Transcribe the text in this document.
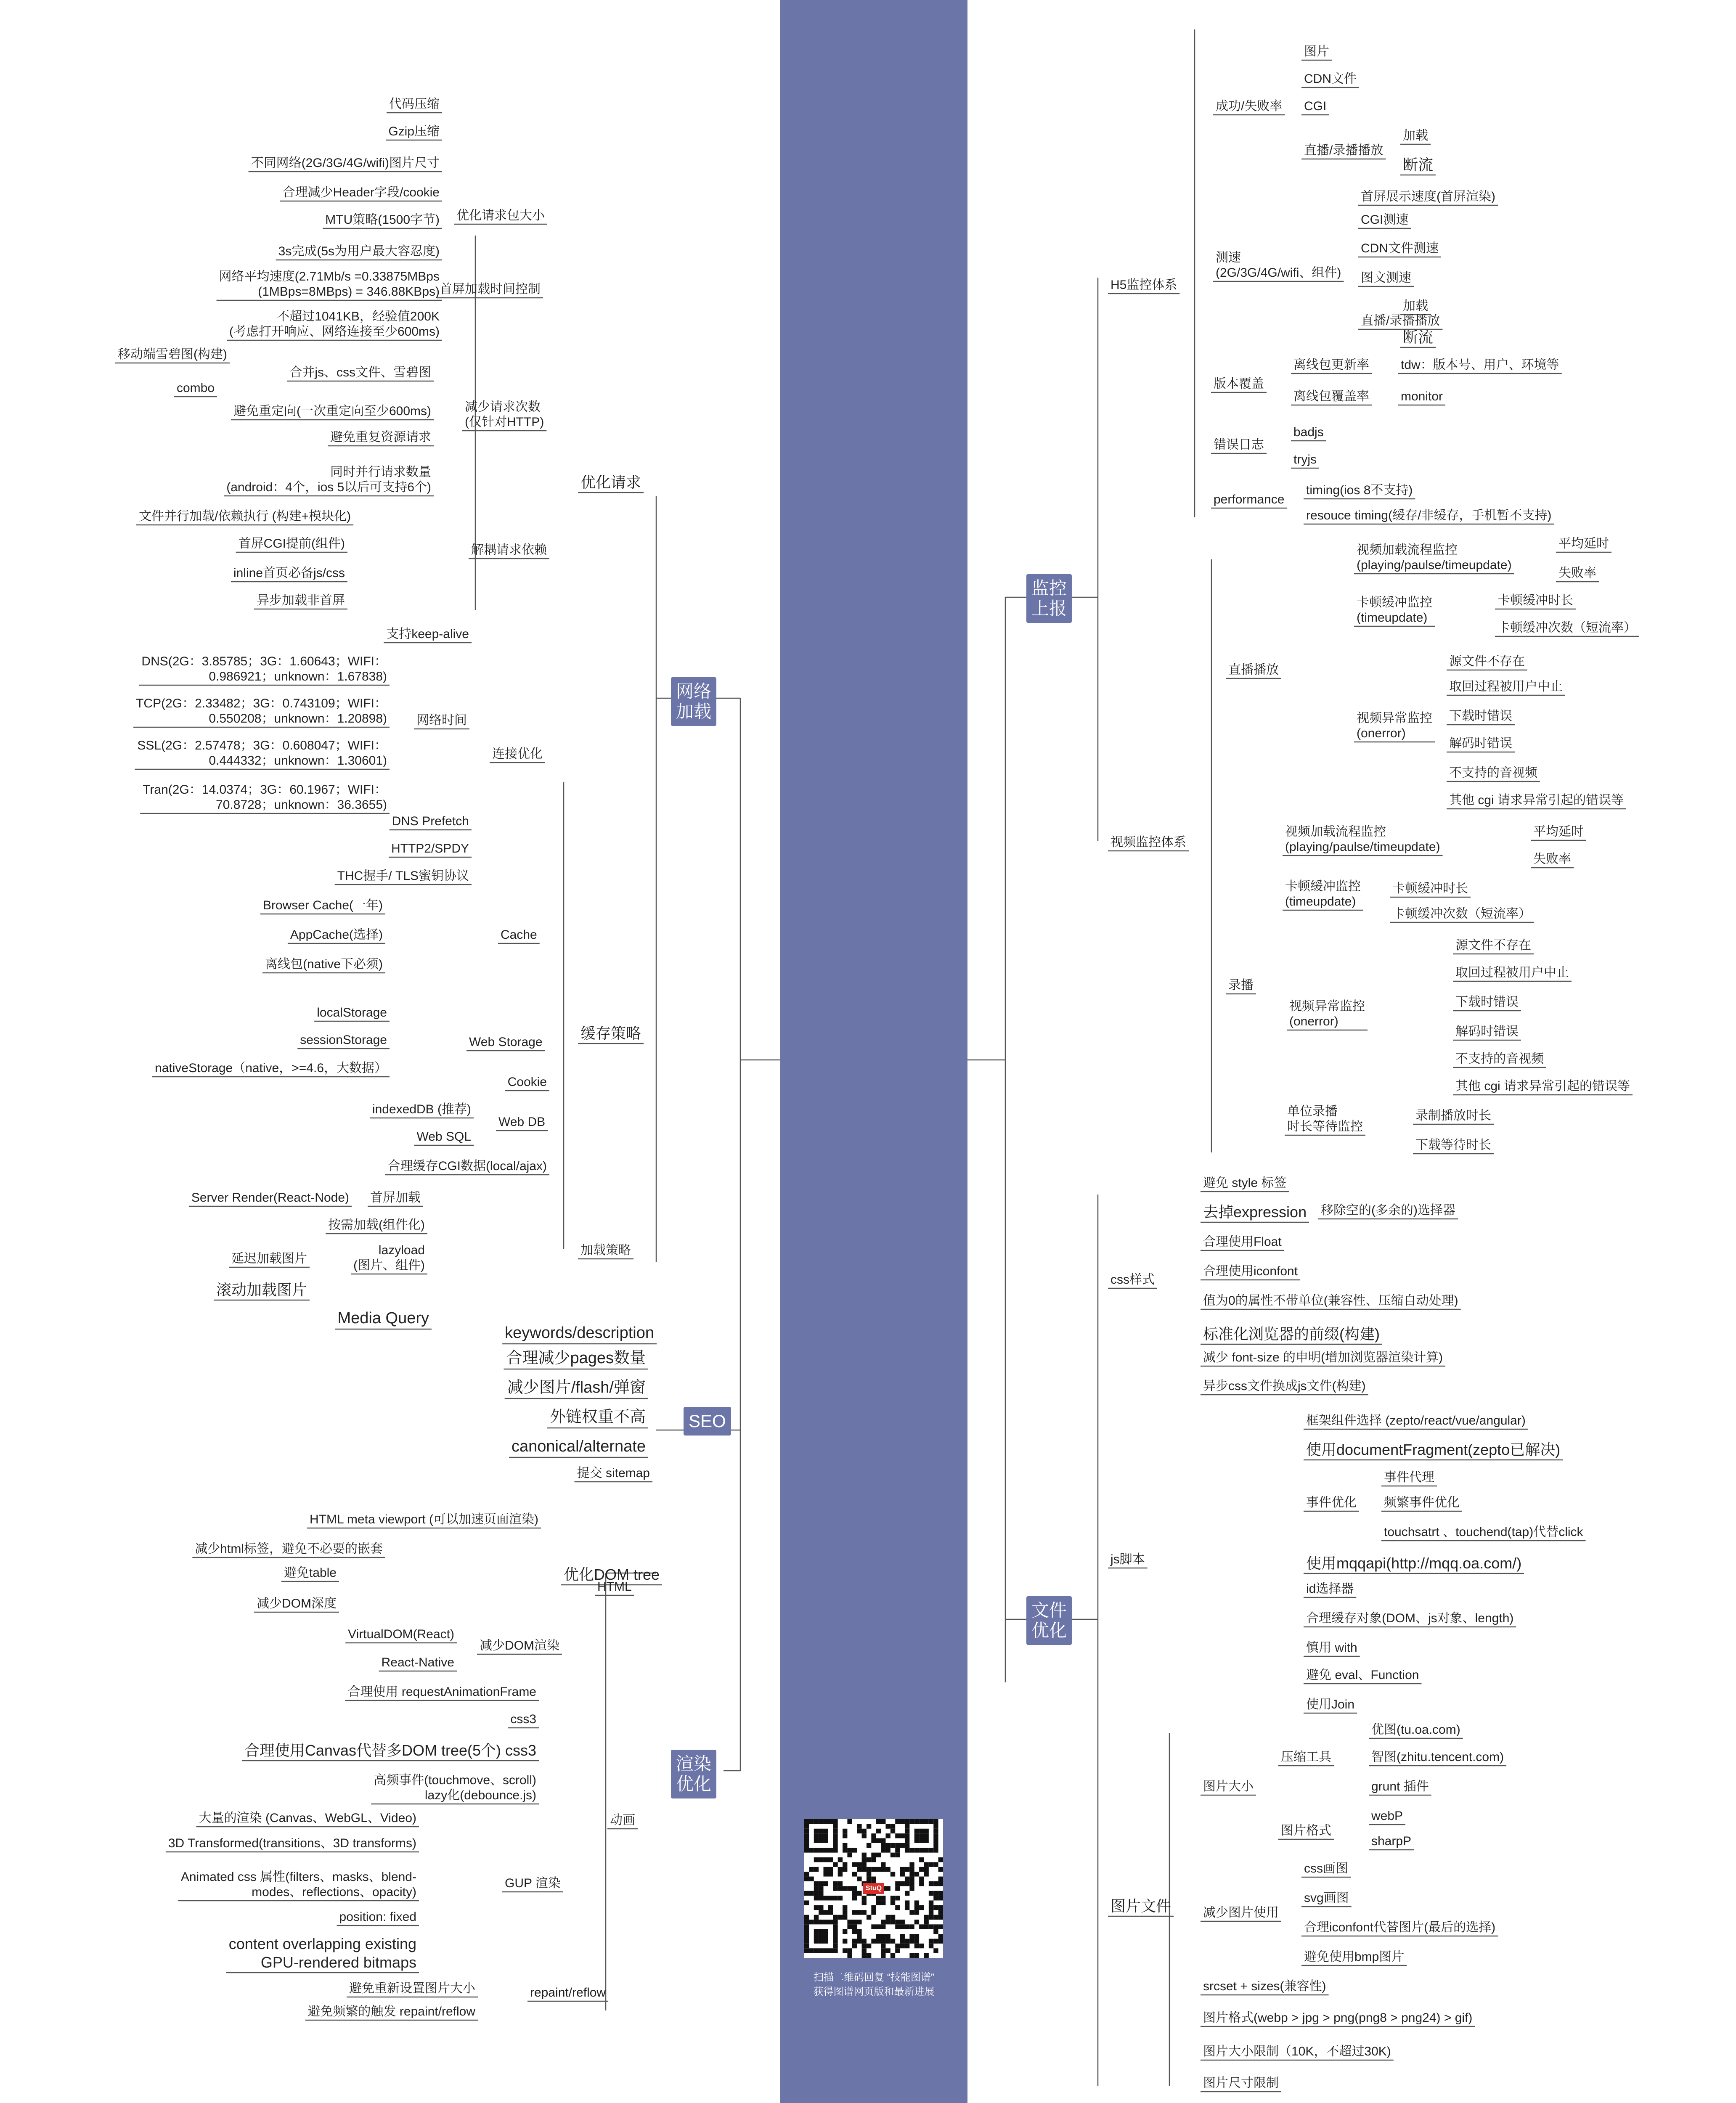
代码压缩
Gzip压缩
不同网络(2G/3G/4G/wifi)图片尺寸
合理减少Header字段/cookie
MTU策略(1500字节) 优化请求包大小
3s完成(5s为用户最大容忍度)
网络平均速度(2.71Mb/s =0.33875MBps
(1MBps=8MBps) = 346.88KBps) 首屏加载时间控制
不超过1041KB，经验值200K
(考虑打开响应、网络连接至少600ms)
移动端雪碧图(构建)
合并js、css文件、雪碧图
combo
避免重定向(一次重定向至少600ms)	减少请求次数
(仅针对HTTP)
避免重复资源请求
同时并行请求数量
(android：4个，ios 5以后可支持6个)	优化请求
文件并行加载/依赖执行 (构建+模块化)
首屏CGI提前(组件)
inline首页必备js/css
解耦请求依赖
异步加载非首屏
支持keep-alive
DNS(2G：3.85785；3G：1.60643；WIFI：
0.986921；unknown：1.67838)
TCP(2G：2.33482；3G：0.743109；WIFI：
0.550208；unknown：1.20898) 网络时间
SSL(2G：2.57478；3G：0.608047；WIFI：
0.444332；unknown：1.30601)
Tran(2G：14.0374；3G：60.1967；WIFI：
70.8728；unknown：36.3655)
连接优化
DNS Prefetch
HTTP2/SPDY
THC握手/ TLS蜜钥协议
Browser Cache(一年)
AppCache(选择)	Cache
离线包(native下必须)
localStorage
sessionStorage	Web Storage
缓存策略
nativeStorage（native，>=4.6，大数据）
Cookie
indexedDB (推荐)
Web DB
Web SQL
合理缓存CGI数据(local/ajax)
Server Render(React-Node) 首屏加载
按需加载(组件化)
lazyload
(图片、组件)
延迟加载图片
加载策略
滚动加载图片
Media Query
keywords/description
合理减少pages数量
减少图片/flash/弹窗
外链权重不高
canonical/alternate
提交 sitemap
HTML meta viewport (可以加速页面渲染)
减少html标签，避免不必要的嵌套
避免table	优化DOM tree
HTML
减少DOM深度
VirtualDOM(React)
减少DOM渲染
React-Native
合理使用 requestAnimationFrame
css3
合理使用Canvas代替多DOM tree(5个) css3
高频事件(touchmove、scroll)
lazy化(debounce.js)
动画
大量的渲染 (Canvas、WebGL、Video)
3D Transformed(transitions、3D transforms)
Animated css 属性(filters、masks、blend-
modes、reflections、opacity)
GUP 渲染
position: fixed
content overlapping existing
GPU-rendered bitmaps
避免重新设置图片大小	repaint/reflow
避免频繁的触发 repaint/reflow
图片
CDN文件
CGI
成功/失败率
直播/录播播放
加载
断流
首屏展示速度(首屏渲染)
CGI测速
测速
(2G/3G/4G/wifi、组件)
H5监控体系
CDN文件测速
图文测速
直播/录播播放
加载
断流
离线包更新率	tdw：版本号、用户、环境等
版本覆盖
离线包覆盖率	monitor
badjs
错误日志
tryjs
timing(ios 8不支持)
performance
resouce timing(缓存/非缓存，手机暂不支持)
视频加载流程监控
(playing/paulse/timeupdate)
平均延时
失败率
卡顿缓冲监控
(timeupdate)
卡顿缓冲时长
卡顿缓冲次数（短流率）
直播播放
源文件不存在
取回过程被用户中止
下载时错误
视频异常监控
(onerror)
解码时错误
不支持的音视频
其他 cgi 请求异常引起的错误等
视频监控体系
视频加载流程监控
(playing/paulse/timeupdate)
平均延时
失败率
卡顿缓冲监控
(timeupdate)
卡顿缓冲时长
卡顿缓冲次数（短流率）
源文件不存在
取回过程被用户中止
录播
视频异常监控
(onerror)
下载时错误
解码时错误
不支持的音视频
其他 cgi 请求异常引起的错误等
单位录播
时长等待监控
录制播放时长
下载等待时长
避免 style 标签
去掉expression 移除空的(多余的)选择器
合理使用Float
css样式
合理使用iconfont
值为0的属性不带单位(兼容性、压缩自动处理)
标准化浏览器的前缀(构建)
减少 font-size 的申明(增加浏览器渲染计算)
异步css文件换成js文件(构建)
框架组件选择 (zepto/react/vue/angular)
使用documentFragment(zepto已解决)
事件代理
事件优化 频繁事件优化
touchsatrt 、touchend(tap)代替click
js脚本	使用mqqapi(http://mqq.oa.com/)
id选择器
合理缓存对象(DOM、js对象、length)
慎用 with
避免 eval、Function
使用Join
优图(tu.oa.com)
压缩工具	智图(zhitu.tencent.com)
图片大小	grunt 插件
webP
图片格式
sharpP
css画图
svg画图
图片文件	减少图片使用
合理iconfont代替图片(最后的选择)
避免使用bmp图片
srcset + sizes(兼容性)
图片格式(webp > jpg > png(png8 > png24) > gif)
图片大小限制（10K，不超过30K)
图片尺寸限制
网络
加载
SEO
渲染
优化
监控
上报
文件
优化
StuQ
扫描二维码回复 “技能图谱”
获得图谱网页版和最新进展
